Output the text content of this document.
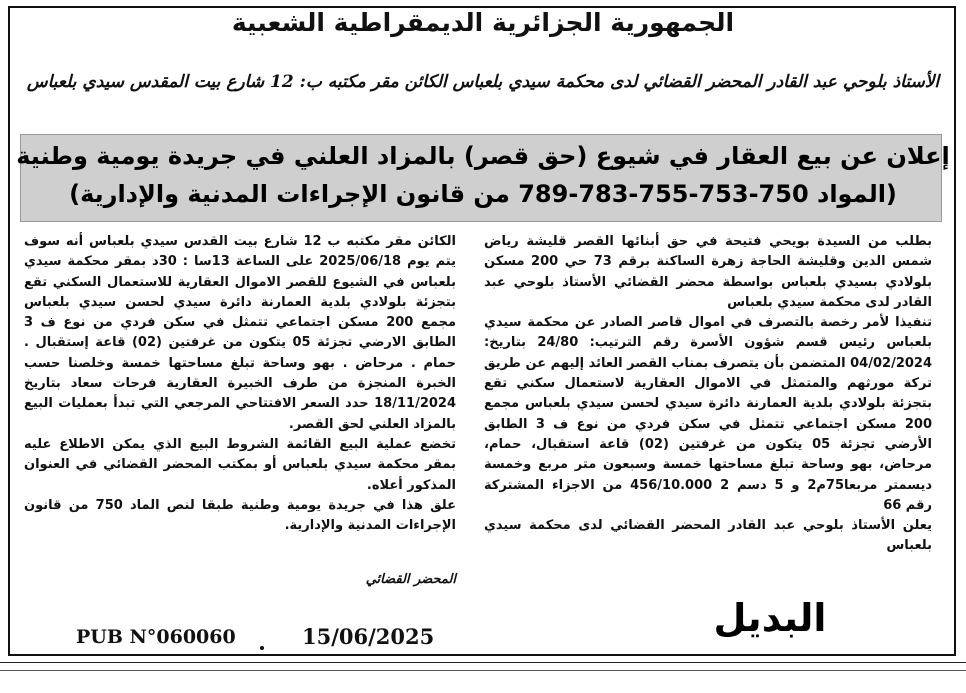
الجمهورية الجزائرية الديمقراطية الشعبية
الأستاذ بلوحي عبد القادر المحضر القضائي لدى محكمة سيدي بلعباس الكائن مقر مكتبه ب: 12 شارع بيت المقدس سيدي بلعباس
إعلان عن بيع العقار في شيوع (حق قصر) بالمزاد العلني في جريدة يومية وطنية
(المواد 750-753-755-783-789 من قانون الإجراءات المدنية والإدارية)

بطلب من السيدة بويحي فتيحة في حق أبنائها القصر قليشة رياض شمس الدين وقليشة الحاجة زهرة الساكنة برقم 73 حي 200 مسكن بلولادي بسيدي بلعباس بواسطة محضر القضائي الأستاذ بلوحي عبد القادر لدى محكمة سيدي بلعباس

تنفيذا لأمر رخصة بالتصرف في اموال قاصر الصادر عن محكمة سيدي بلعباس رئيس قسم شؤون الأسرة رقم الترتيب: 24/80 بتاريخ: 04/02/2024 المتضمن بأن يتصرف بمناب القصر العائد إليهم عن طريق تركة مورثهم والمتمثل في الاموال العقارية لاستعمال سكني تقع بتجزئة بلولادي بلدية العمارنة دائرة سيدي لحسن سيدي بلعباس مجمع 200 مسكن اجتماعي تتمثل في سكن فردي من نوع ف 3 الطابق الأرضي تجزئة 05 يتكون من غرفتين (02) قاعة استقبال، حمام، مرحاض، بهو وساحة تبلغ مساحتها خمسة وسبعون متر مربع وخمسة ديسمتر مربعا75م2 و 5 دسم 2 456/10.000 من الاجزاء المشتركة رقم 66

يعلن الأستاذ بلوحي عبد القادر المحضر القضائي لدى محكمة سيدي بلعباس

الكائن مقر مكتبه ب 12 شارع بيت القدس سيدي بلعباس أنه سوف يتم يوم 2025/06/18 على الساعة 13سا : 30د بمقر محكمة سيدي بلعباس في الشيوع للقصر الاموال العقارية للاستعمال السكني تقع بتجزئة بلولادي بلدية العمارنة دائرة سيدي لحسن سيدي بلعباس مجمع 200 مسكن اجتماعي تتمثل في سكن فردي من نوع ف 3 الطابق الارضي تجزئة 05 يتكون من غرفتين (02) قاعة إستقبال . حمام . مرحاض . بهو وساحة تبلغ مساحتها خمسة وخلصنا حسب الخبرة المنجزة من طرف الخبيرة العقارية فرحات سعاد بتاريخ 18/11/2024 حدد السعر الافتتاحي المرجعي التي تبدأ بعمليات البيع بالمزاد العلني لحق القصر.

تخضع عملية البيع القائمة الشروط البيع الذي يمكن الاطلاع عليه بمقر محكمة سيدي بلعباس أو بمكتب المحضر القضائي في العنوان المذكور أعلاه.

علق هذا في جريدة يومية وطنية طبقا لنص الماد 750 من قانون الإجراءات المدنية والإدارية.

المحضر القضائي
البديل
PUB N°060060	15/06/2025
